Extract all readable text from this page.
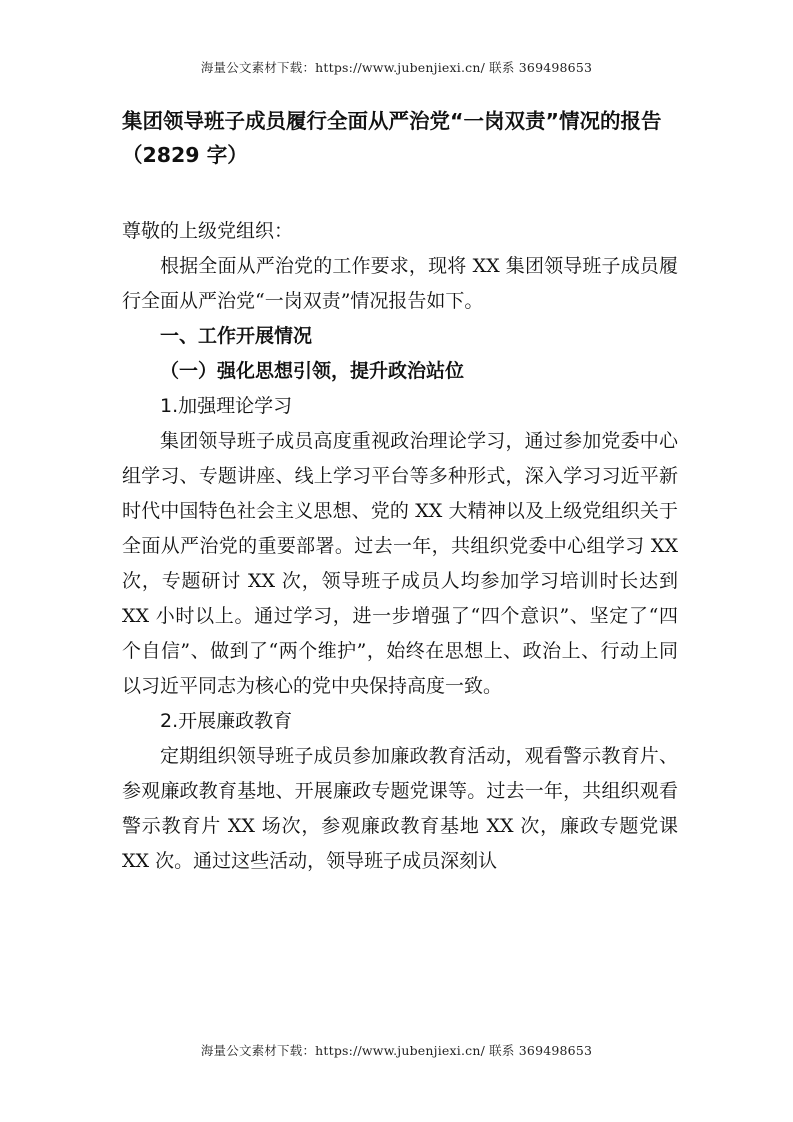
海量公文素材下载：https://www.jubenjiexi.cn/ 联系 369498653
集团领导班子成员履行全面从严治党“一岗双责”情况的报告（2829 字）

尊敬的上级党组织：

根据全面从严治党的工作要求，现将 XX 集团领导班子成员履行全面从严治党“一岗双责”情况报告如下。

一、工作开展情况

（一）强化思想引领，提升政治站位

1.加强理论学习

集团领导班子成员高度重视政治理论学习，通过参加党委中心组学习、专题讲座、线上学习平台等多种形式，深入学习习近平新时代中国特色社会主义思想、党的 XX 大精神以及上级党组织关于全面从严治党的重要部署。过去一年，共组织党委中心组学习 XX 次，专题研讨 XX 次，领导班子成员人均参加学习培训时长达到 XX 小时以上。通过学习，进一步增强了“四个意识”、坚定了“四个自信”、做到了“两个维护”，始终在思想上、政治上、行动上同以习近平同志为核心的党中央保持高度一致。

2.开展廉政教育

定期组织领导班子成员参加廉政教育活动，观看警示教育片、参观廉政教育基地、开展廉政专题党课等。过去一年，共组织观看警示教育片 XX 场次，参观廉政教育基地 XX 次，廉政专题党课 XX 次。通过这些活动，领导班子成员深刻认

海量公文素材下载：https://www.jubenjiexi.cn/ 联系 369498653
